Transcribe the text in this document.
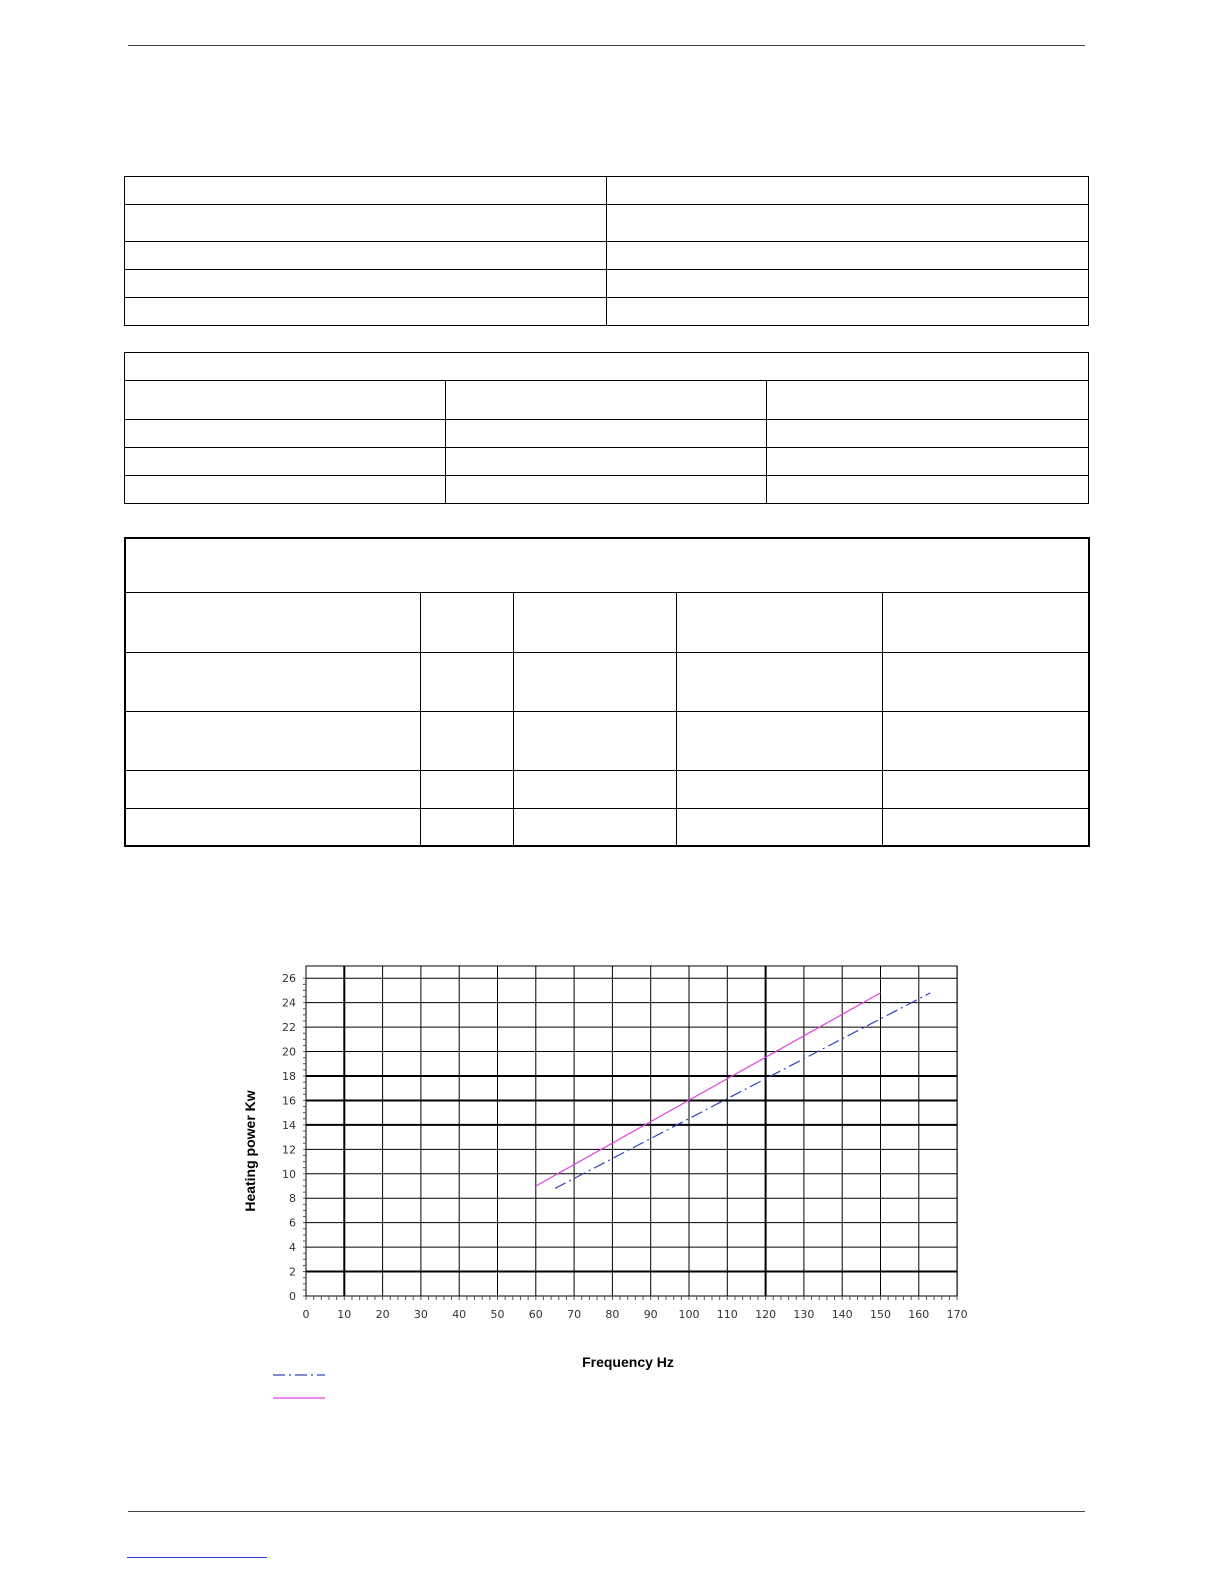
0	10 20 30 40 50 60 70 80 90 100 110 120 130 140 150 160 170
0
2
4
6
8
10
12
14
16
18
20
22
24
26
Frequency Hz
Heating power Kw
